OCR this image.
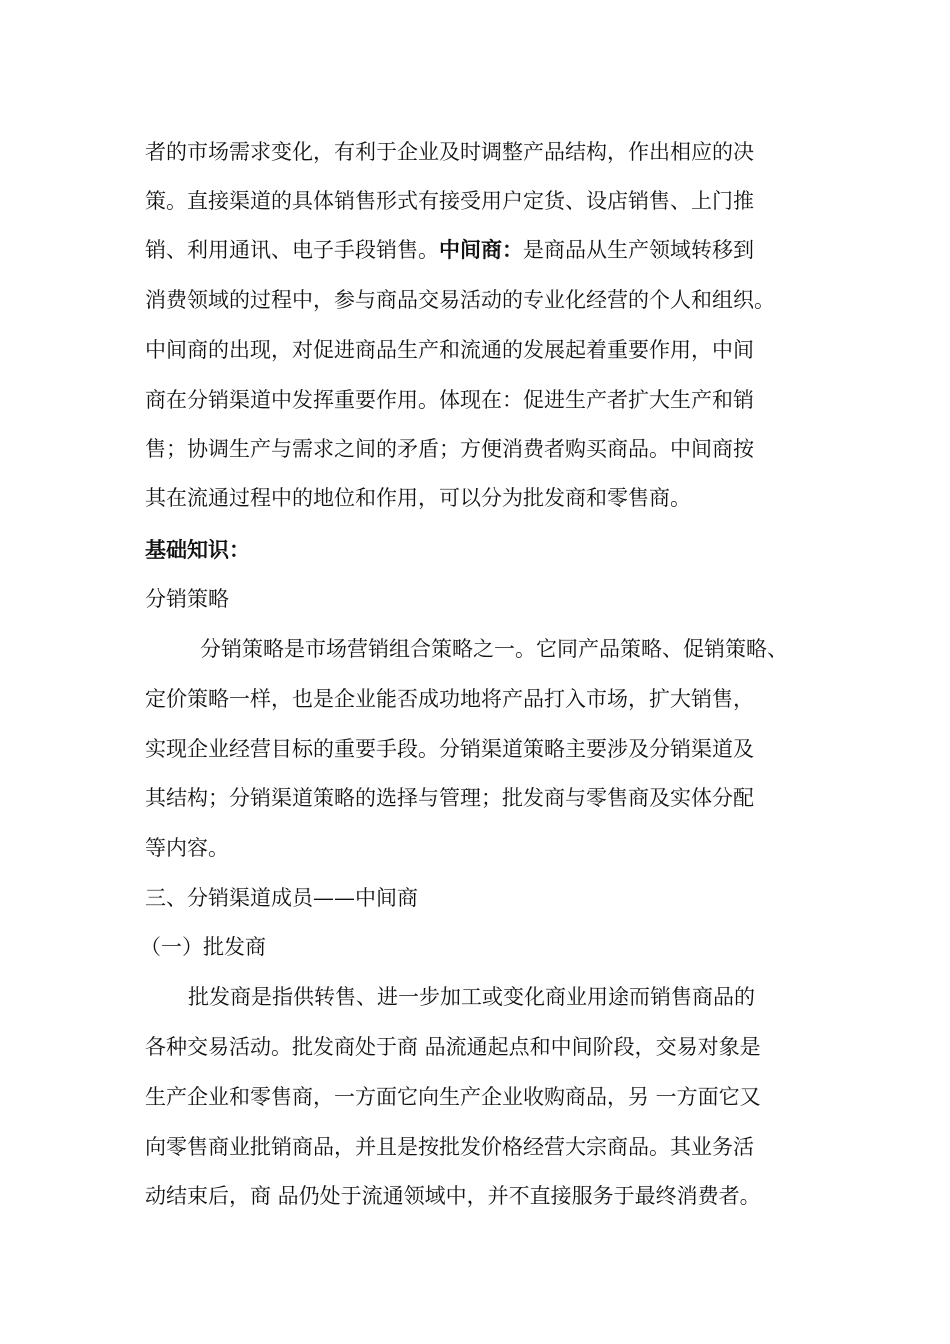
者的市场需求变化，有利于企业及时调整产品结构，作出相应的决
策。直接渠道的具体销售形式有接受用户定货、设店销售、上门推
销、利用通讯、电子手段销售。中间商：是商品从生产领域转移到
消费领域的过程中，参与商品交易活动的专业化经营的个人和组织。
中间商的出现，对促进商品生产和流通的发展起着重要作用，中间
商在分销渠道中发挥重要作用。体现在：促进生产者扩大生产和销
售；协调生产与需求之间的矛盾；方便消费者购买商品。中间商按
其在流通过程中的地位和作用，可以分为批发商和零售商。
基础知识：
分销策略
分销策略是市场营销组合策略之一。它同产品策略、促销策略、
定价策略一样，也是企业能否成功地将产品打入市场，扩大销售，
实现企业经营目标的重要手段。分销渠道策略主要涉及分销渠道及
其结构；分销渠道策略的选择与管理；批发商与零售商及实体分配
等内容。
三、分销渠道成员——中间商
（一）批发商
批发商是指供转售、进一步加工或变化商业用途而销售商品的
各种交易活动。批发商处于商 品流通起点和中间阶段，交易对象是
生产企业和零售商，一方面它向生产企业收购商品，另 一方面它又
向零售商业批销商品，并且是按批发价格经营大宗商品。其业务活
动结束后，商 品仍处于流通领域中，并不直接服务于最终消费者。
